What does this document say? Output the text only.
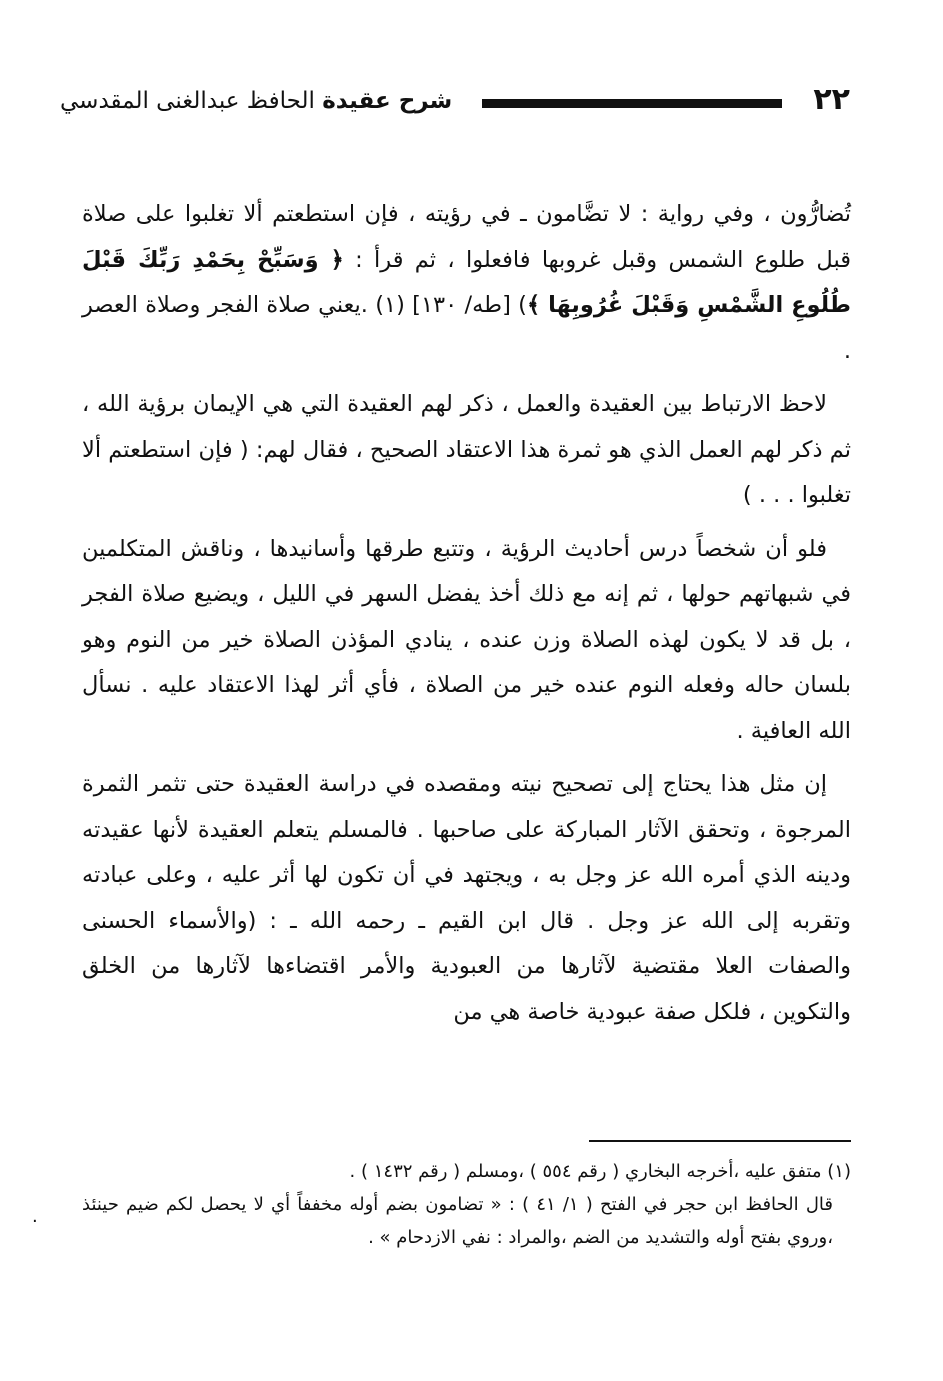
٢٢
شرح عقيدة الحافظ عبدالغنى المقدسي

تُضارُّون ، وفي رواية : لا تضَّامون ـ في رؤيته ، فإن استطعتم ألا تغلبوا على صلاة قبل طلوع الشمس وقبل غروبها فافعلوا ، ثم قرأ : ﴿ وَسَبِّحْ بِحَمْدِ رَبِّكَ قَبْلَ طُلُوعِ الشَّمْسِ وَقَبْلَ غُرُوبِهَا ﴾) [طه/ ١٣٠] (١) .يعني صلاة الفجر وصلاة العصر .

لاحظ الارتباط بين العقيدة والعمل ، ذكر لهم العقيدة التي هي الإيمان برؤية الله ، ثم ذكر لهم العمل الذي هو ثمرة هذا الاعتقاد الصحيح ، فقال لهم: ( فإن استطعتم ألا تغلبوا . . . )

فلو أن شخصاً درس أحاديث الرؤية ، وتتبع طرقها وأسانيدها ، وناقش المتكلمين في شبهاتهم حولها ، ثم إنه مع ذلك أخذ يفضل السهر في الليل ، ويضيع صلاة الفجر ، بل قد لا يكون لهذه الصلاة وزن عنده ، ينادي المؤذن الصلاة خير من النوم وهو بلسان حاله وفعله النوم عنده خير من الصلاة ، فأي أثر لهذا الاعتقاد عليه . نسأل الله العافية .

إن مثل هذا يحتاج إلى تصحيح نيته ومقصده في دراسة العقيدة حتى تثمر الثمرة المرجوة ، وتحقق الآثار المباركة على صاحبها . فالمسلم يتعلم العقيدة لأنها عقيدته ودينه الذي أمره الله عز وجل به ، ويجتهد في أن تكون لها أثر عليه ، وعلى عبادته وتقربه إلى الله عز وجل . قال ابن القيم ـ رحمه الله ـ : (والأسماء الحسنى والصفات العلا مقتضية لآثارها من العبودية والأمر اقتضاءها لآثارها من الخلق والتكوين ، فلكل صفة عبودية خاصة هي من

(١) متفق عليه ،أخرجه البخاري ( رقم ٥٥٤ ) ،ومسلم ( رقم ١٤٣٢ ) .

قال الحافظ ابن حجر في الفتح ( ١/ ٤١ ) : « تضامون بضم أوله مخففاً أي لا يحصل لكم ضيم حينئذ ،وروي بفتح أوله والتشديد من الضم ،والمراد : نفي الازدحام » .

.
